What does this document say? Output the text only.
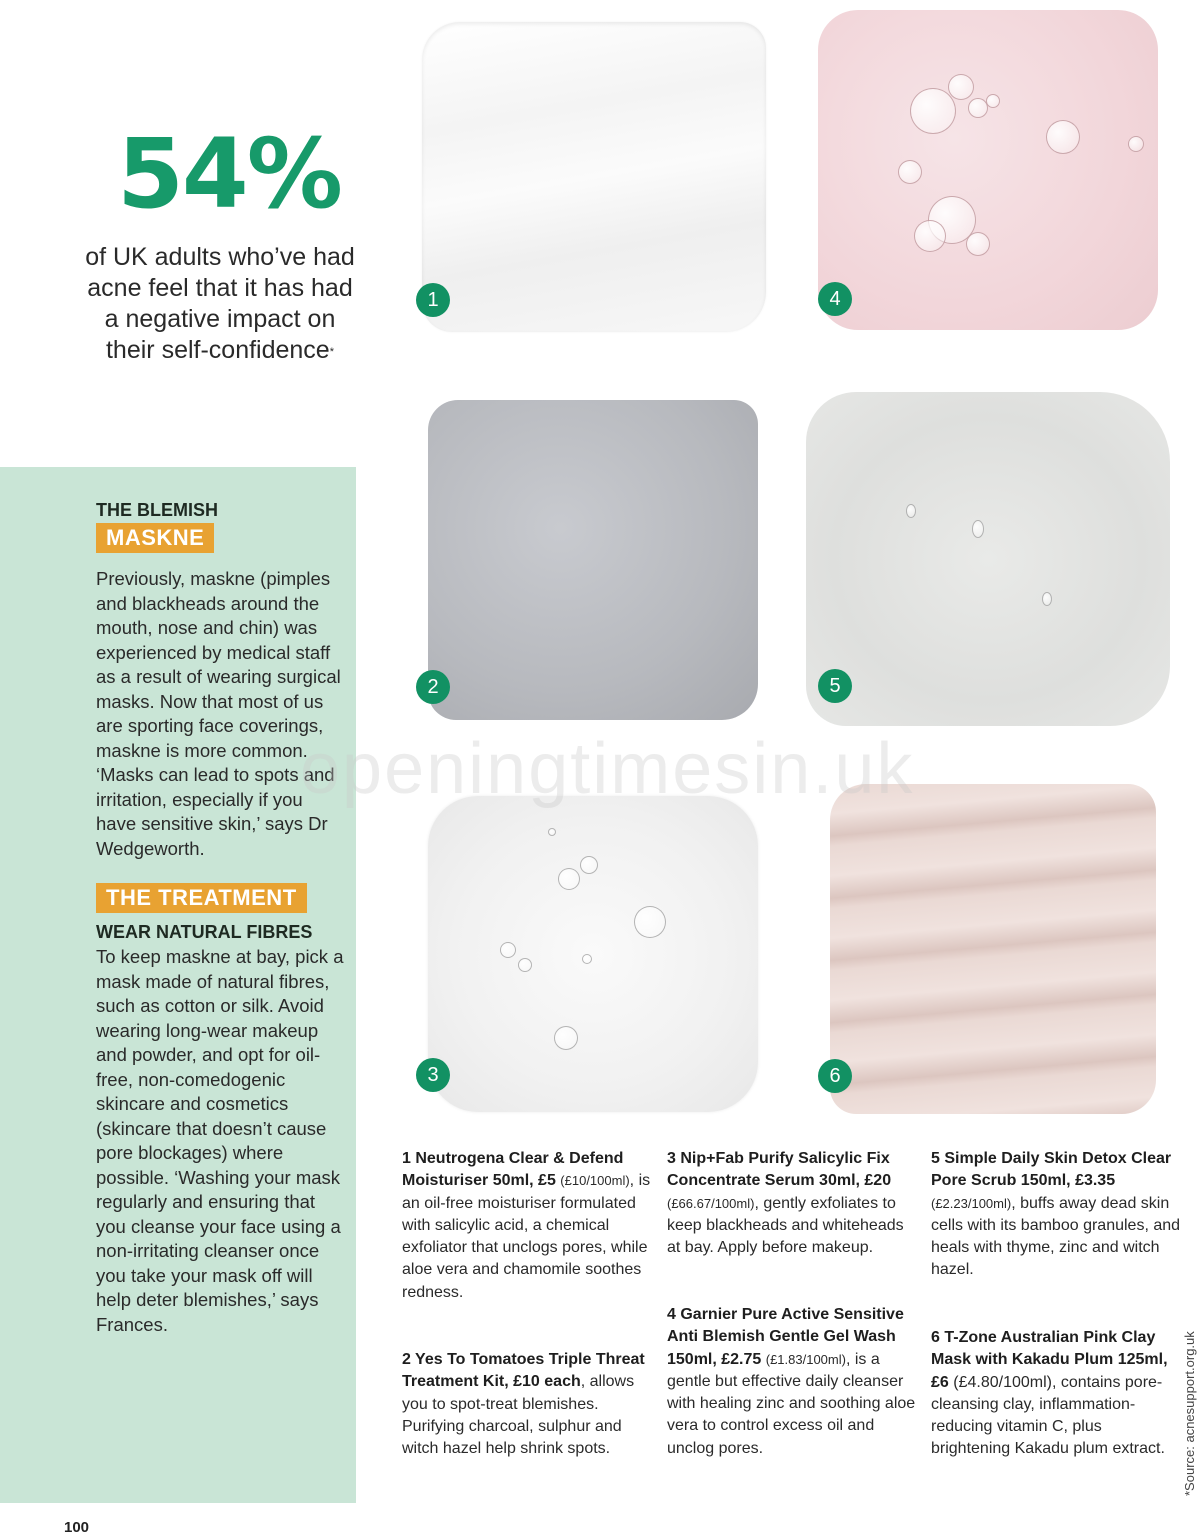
54%
of UK adults who’ve had acne feel that it has had a negative impact on their self-confidence*
THE BLEMISH
MASKNE

Previously, maskne (pimples and blackheads around the mouth, nose and chin) was experienced by medical staff as a result of wearing surgical masks. Now that most of us are sporting face coverings, maskne is more common. ‘Masks can lead to spots and irritation, especially if you have sensitive skin,’ says Dr Wedgeworth.

THE TREATMENT
WEAR NATURAL FIBRES

To keep maskne at bay, pick a mask made of natural fibres, such as cotton or silk. Avoid wearing long-wear makeup and powder, and opt for oil-free, non-comedogenic skincare and cosmetics (skincare that doesn’t cause pore blockages) where possible. ‘Washing your mask regularly and ensuring that you cleanse your face using a non-irritating cleanser once you take your mask off will help deter blemishes,’ says Frances.

100
1	4
2	5
3	6
openingtimesin.uk

1 Neutrogena Clear & Defend Moisturiser 50ml, £5 (£10/100ml), is an oil-free moisturiser formulated with salicylic acid, a chemical exfoliator that unclogs pores, while aloe vera and chamomile soothes redness.

2 Yes To Tomatoes Triple Threat Treatment Kit, £10 each, allows you to spot-treat blemishes. Purifying charcoal, sulphur and witch hazel help shrink spots.

3 Nip+Fab Purify Salicylic Fix Concentrate Serum 30ml, £20 (£66.67/100ml), gently exfoliates to keep blackheads and whiteheads at bay. Apply before makeup.

4 Garnier Pure Active Sensitive Anti Blemish Gentle Gel Wash 150ml, £2.75 (£1.83/100ml), is a gentle but effective daily cleanser with healing zinc and soothing aloe vera to control excess oil and unclog pores.

5 Simple Daily Skin Detox Clear Pore Scrub 150ml, £3.35 (£2.23/100ml), buffs away dead skin cells with its bamboo granules, and heals with thyme, zinc and witch hazel.

6 T-Zone Australian Pink Clay Mask with Kakadu Plum 125ml, £6 (£4.80/100ml), contains pore-cleansing clay, inflammation-reducing vitamin C, plus brightening Kakadu plum extract.	*Source: acnesupport.org.uk
